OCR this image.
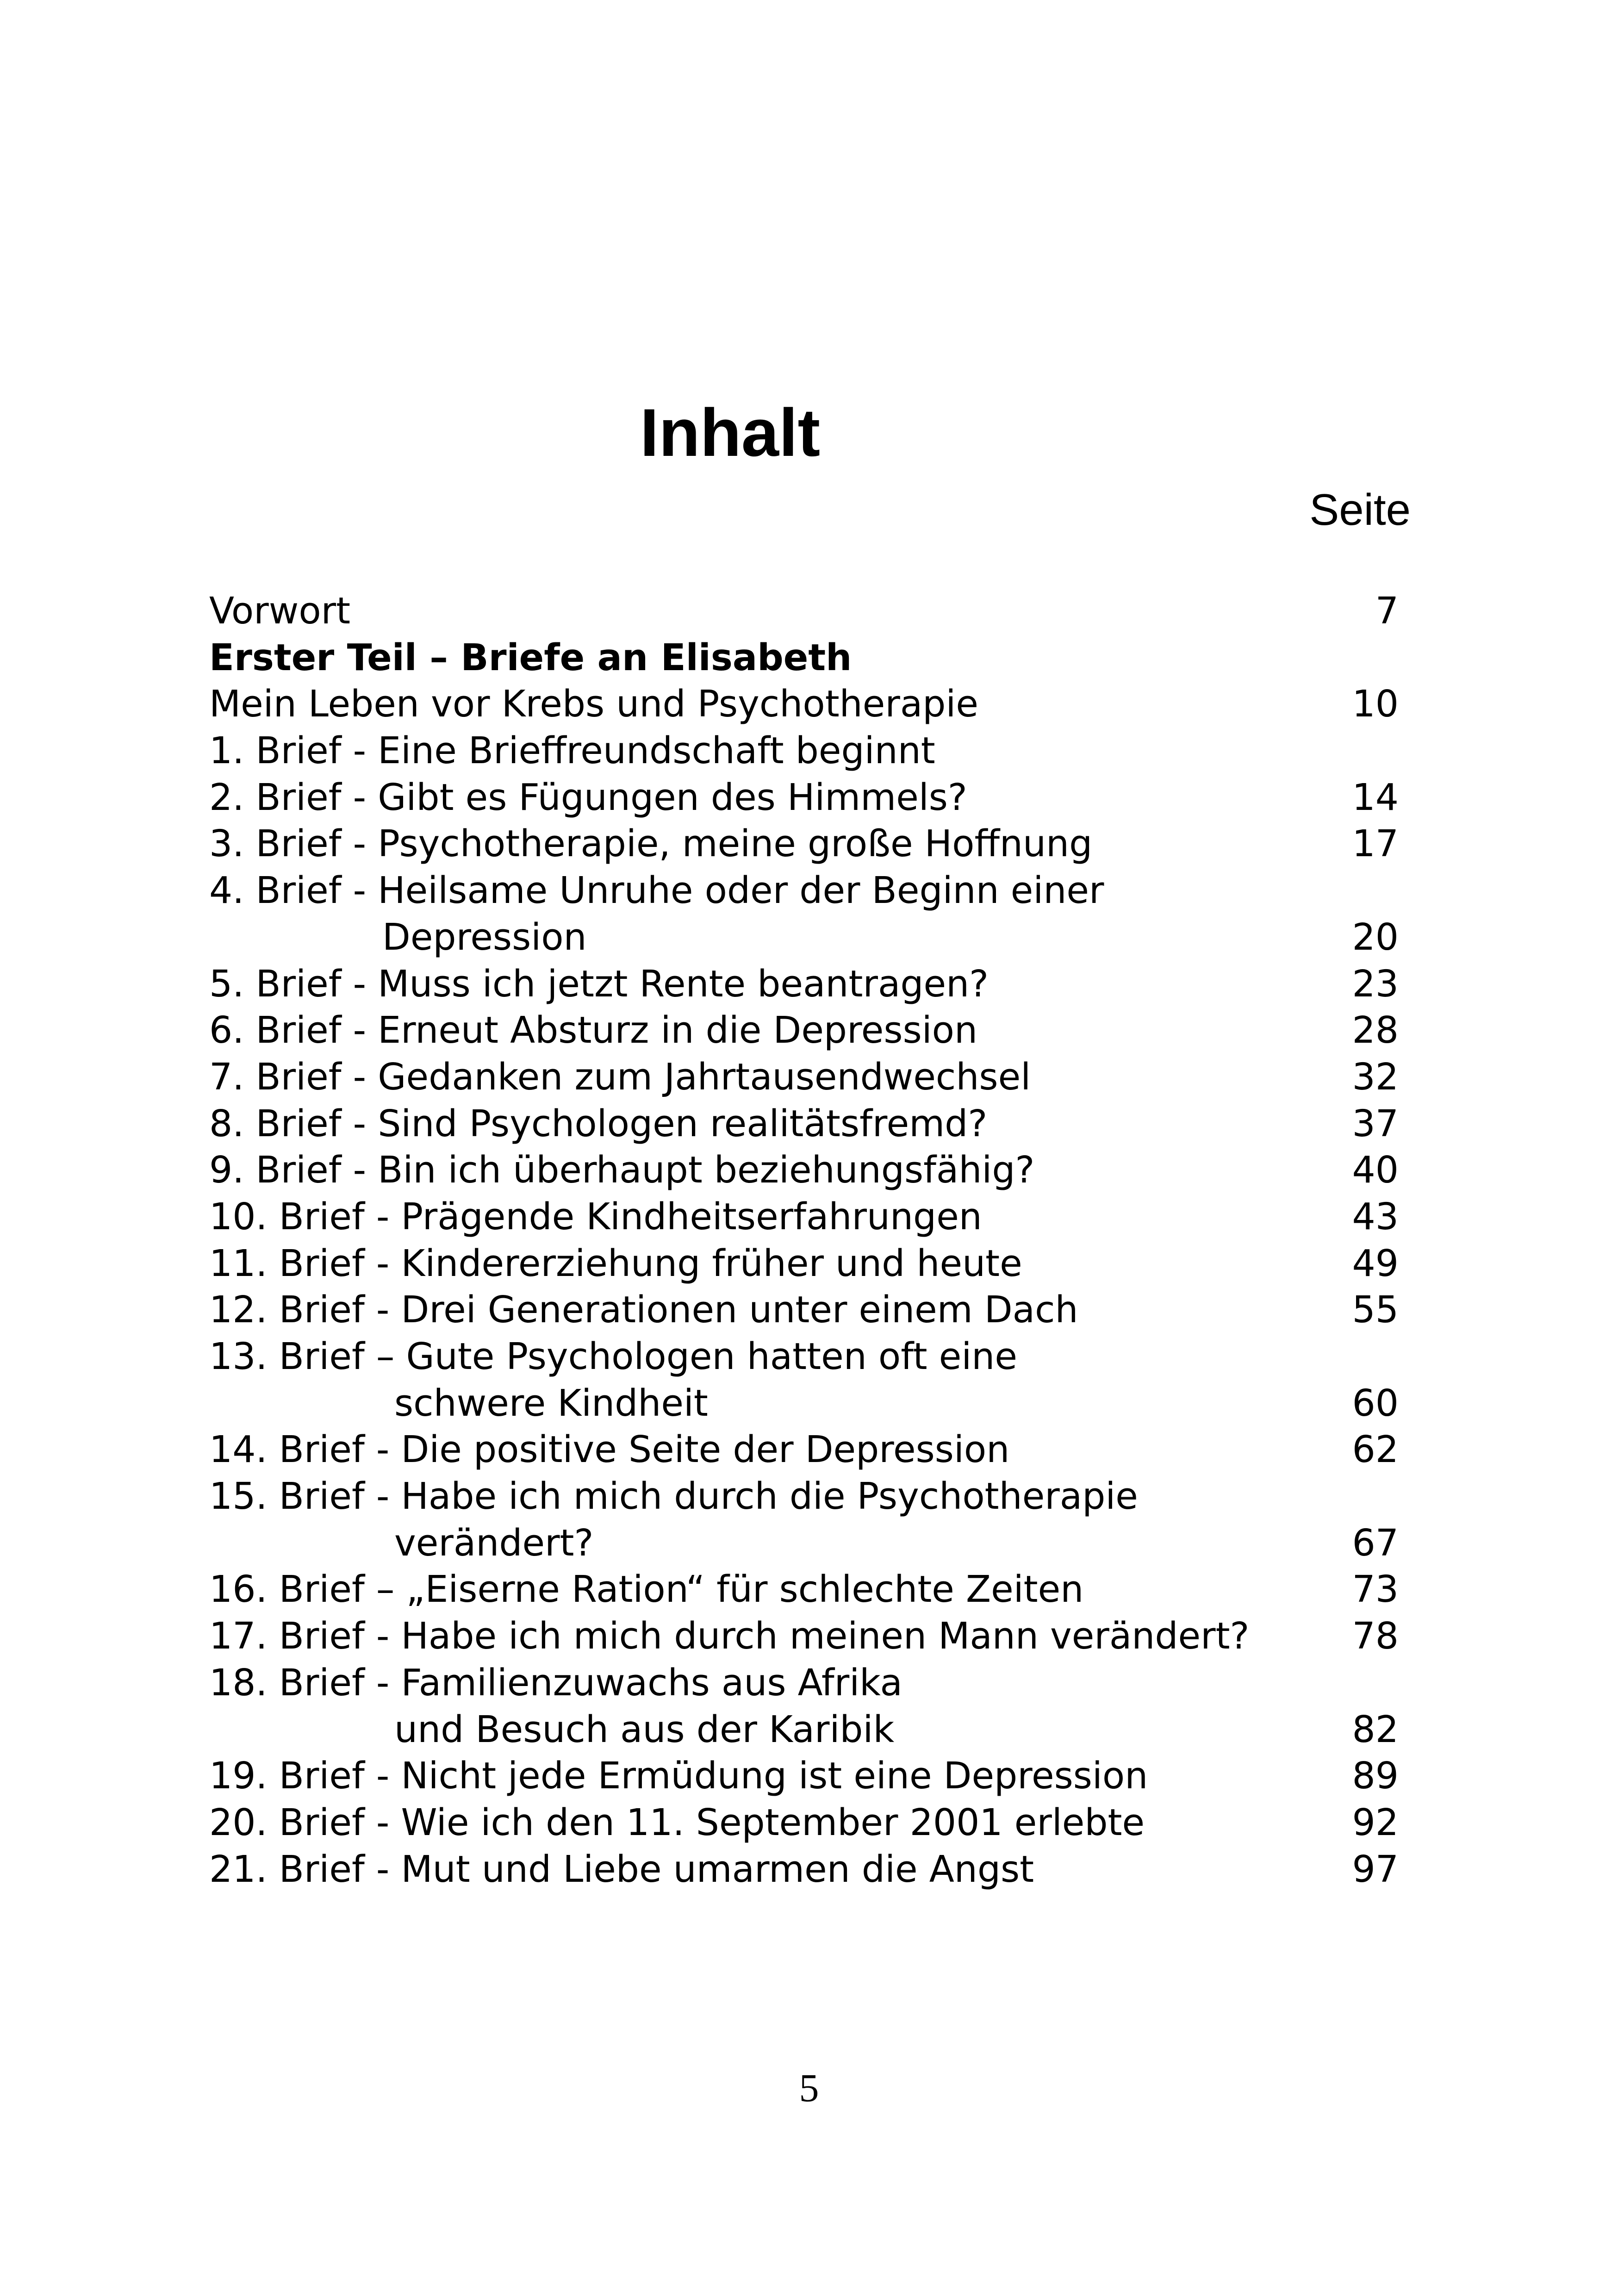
Inhalt
Seite
Vorwort	7
Erster Teil – Briefe an Elisabeth
Mein Leben vor Krebs und Psychotherapie	10
1. Brief - Eine Brieffreundschaft beginnt
2. Brief - Gibt es Fügungen des Himmels?	14
3. Brief - Psychotherapie, meine große Hoffnung	17
4. Brief - Heilsame Unruhe oder der Beginn einer
Depression	20
5. Brief - Muss ich jetzt Rente beantragen?	23
6. Brief - Erneut Absturz in die Depression	28
7. Brief - Gedanken zum Jahrtausendwechsel	32
8. Brief - Sind Psychologen realitätsfremd?	37
9. Brief - Bin ich überhaupt beziehungsfähig?	40
10. Brief - Prägende Kindheitserfahrungen	43
11. Brief - Kindererziehung früher und heute	49
12. Brief - Drei Generationen unter einem Dach	55
13. Brief – Gute Psychologen hatten oft eine
schwere Kindheit	60
14. Brief - Die positive Seite der Depression	62
15. Brief - Habe ich mich durch die Psychotherapie
verändert?	67
16. Brief – „Eiserne Ration“ für schlechte Zeiten	73
17. Brief - Habe ich mich durch meinen Mann verändert?	78
18. Brief - Familienzuwachs aus Afrika
und Besuch aus der Karibik	82
19. Brief - Nicht jede Ermüdung ist eine Depression	89
20. Brief - Wie ich den 11. September 2001 erlebte	92
21. Brief - Mut und Liebe umarmen die Angst	97
5
